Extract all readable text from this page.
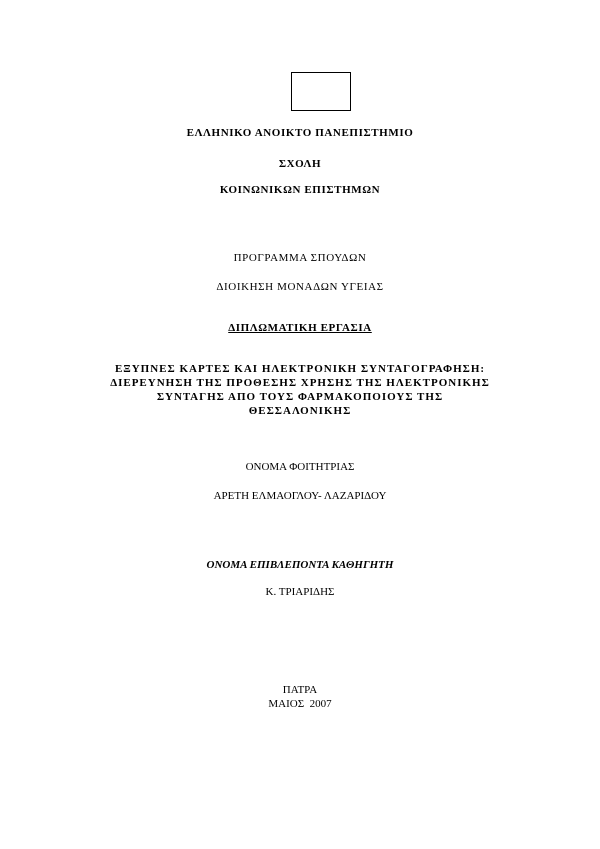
ΕΛΛΗΝΙΚΟ ΑΝΟΙΚΤΟ ΠΑΝΕΠΙΣΤΗΜΙΟ
ΣΧΟΛΗ
ΚΟΙΝΩΝΙΚΩΝ ΕΠΙΣΤΗΜΩΝ
ΠΡΟΓΡΑΜΜΑ ΣΠΟΥΔΩΝ
ΔΙΟΙΚΗΣΗ ΜΟΝΑΔΩΝ ΥΓΕΙΑΣ
ΔΙΠΛΩΜΑΤΙΚΗ ΕΡΓΑΣΙΑ
ΕΞΥΠΝΕΣ ΚΑΡΤΕΣ ΚΑΙ ΗΛΕΚΤΡΟΝΙΚΗ ΣΥΝΤΑΓΟΓΡΑΦΗΣΗ:
ΔΙΕΡΕΥΝΗΣΗ ΤΗΣ ΠΡΟΘΕΣΗΣ ΧΡΗΣΗΣ ΤΗΣ ΗΛΕΚΤΡΟΝΙΚΗΣ
ΣΥΝΤΑΓΗΣ ΑΠΟ ΤΟΥΣ ΦΑΡΜΑΚΟΠΟΙΟΥΣ ΤΗΣ
ΘΕΣΣΑΛΟΝΙΚΗΣ
ΟΝΟΜΑ ΦΟΙΤΗΤΡΙΑΣ
ΑΡΕΤΗ ΕΛΜΑΟΓΛΟΥ- ΛΑΖΑΡΙΔΟΥ
ΟΝΟΜΑ ΕΠΙΒΛΕΠΟΝΤΑ ΚΑΘΗΓΗΤΗ
Κ. ΤΡΙΑΡΙΔΗΣ
ΠΑΤΡΑ
ΜΑΙΟΣ  2007
